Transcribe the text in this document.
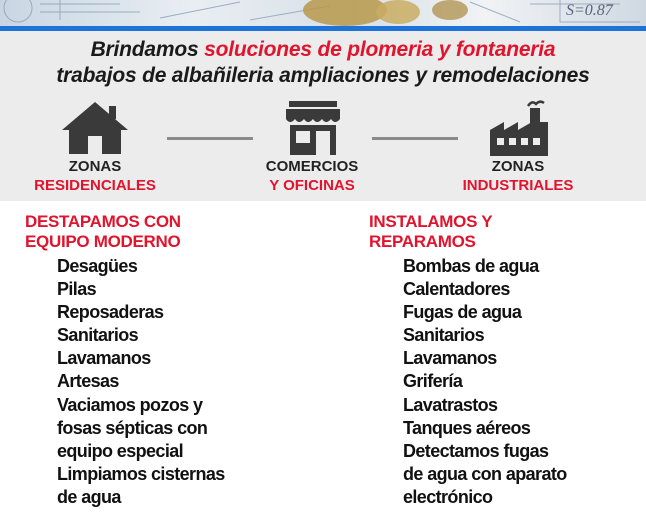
S=0.87
Brindamos soluciones de plomeria y fontaneria
trabajos de albañileria ampliaciones y remodelaciones
ZONAS
RESIDENCIALES
COMERCIOS
Y OFICINAS
ZONAS
INDUSTRIALES
DESTAPAMOS CON
EQUIPO MODERNO
Desagües
Pilas
Reposaderas
Sanitarios
Lavamanos
Artesas
Vaciamos pozos y
fosas sépticas con
equipo especial
Limpiamos cisternas
de agua
INSTALAMOS Y
REPARAMOS
Bombas de agua
Calentadores
Fugas de agua
Sanitarios
Lavamanos
Grifería
Lavatrastos
Tanques aéreos
Detectamos fugas
de agua con aparato
electrónico
